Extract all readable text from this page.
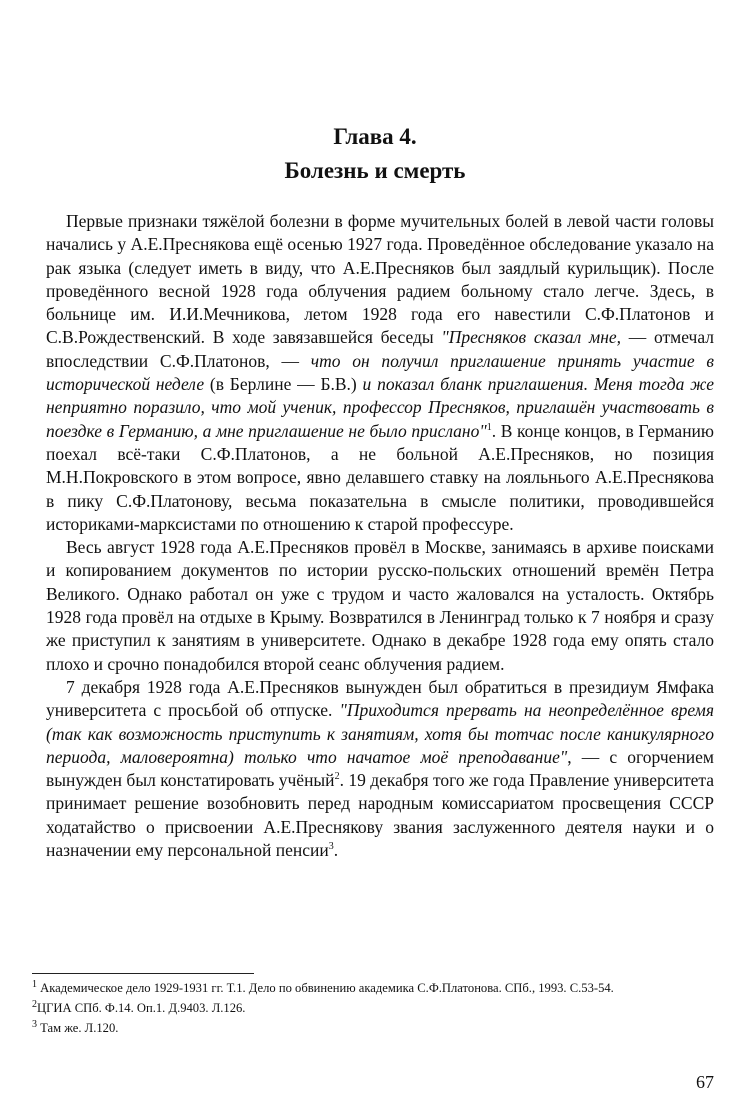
Глава 4.
Болезнь и смерть

Первые признаки тяжёлой болезни в форме мучительных болей в левой части головы начались у А.Е.Преснякова ещё осенью 1927 года. Проведённое обследование указало на рак языка (следует иметь в виду, что А.Е.Пресняков был заядлый курильщик). После проведённого весной 1928 года облучения радием больному стало легче. Здесь, в больнице им. И.И.Мечникова, летом 1928 года его навестили С.Ф.Платонов и С.В.Рождественский. В ходе завязавшейся беседы "Пресняков сказал мне, — отмечал впоследствии С.Ф.Платонов, — что он получил приглашение принять участие в исторической неделе (в Берлине — Б.В.) и показал бланк приглашения. Меня тогда же неприятно поразило, что мой ученик, профессор Пресняков, приглашён участвовать в поездке в Германию, а мне приглашение не было прислано"$^1$. В конце концов, в Германию поехал всё-таки С.Ф.Платонов, а не больной А.Е.Пресняков, но позиция М.Н.Покровского в этом вопросе, явно делавшего ставку на лояльнього А.Е.Преснякова в пику С.Ф.Платонову, весьма показательна в смысле политики, проводившейся историками-марксистами по отношению к старой профессуре.

Весь август 1928 года А.Е.Пресняков провёл в Москве, занимаясь в архиве поисками и копированием документов по истории русско-польских отношений времён Петра Великого. Однако работал он уже с трудом и часто жаловался на усталость. Октябрь 1928 года провёл на отдыхе в Крыму. Возвратился в Ленинград только к 7 ноября и сразу же приступил к занятиям в университете. Однако в декабре 1928 года ему опять стало плохо и срочно понадобился второй сеанс облучения радием.

7 декабря 1928 года А.Е.Пресняков вынужден был обратиться в президиум Ямфака университета с просьбой об отпуске. "Приходится прервать на неопределённое время (так как возможность приступить к занятиям, хотя бы тотчас после каникулярного периода, маловероятна) только что начатое моё преподавание", — с огорчением вынужден был констатировать учёный$^2$. 19 декабря того же года Правление университета принимает решение возобновить перед народным комиссариатом просвещения СССР ходатайство о присвоении А.Е.Преснякову звания заслуженного деятеля науки и о назначении ему персональной пенсии$^3$.

$^1$ Академическое дело 1929-1931 гг. Т.1. Дело по обвинению академика С.Ф.Платонова. СПб., 1993. С.53-54.
$^2$ЦГИА СПб. Ф.14. Оп.1. Д.9403. Л.126.
$^3$ Там же. Л.120.
67
